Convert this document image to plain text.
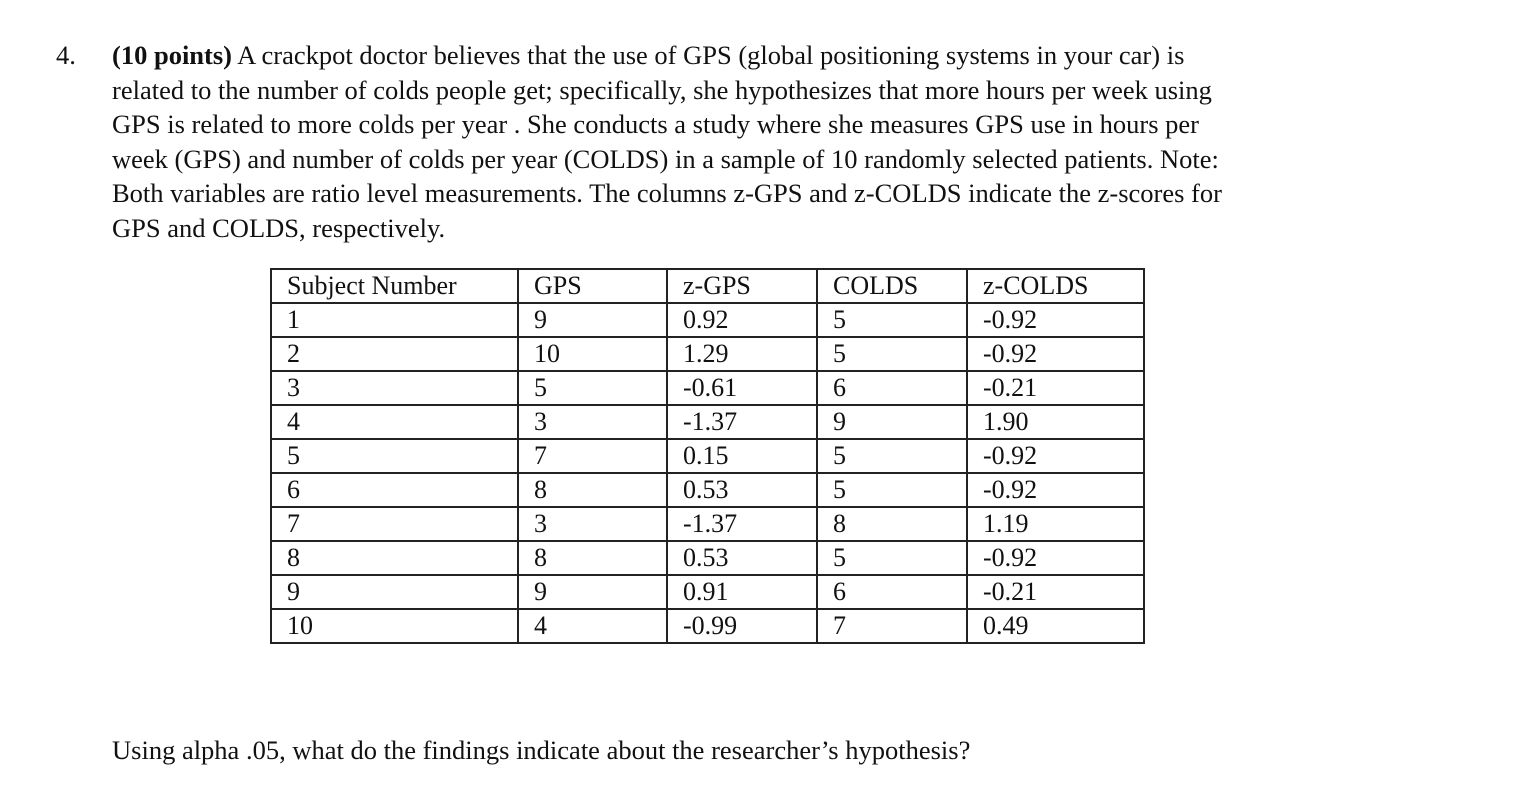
4.	(10 points) A crackpot doctor believes that the use of GPS (global positioning systems in your car) is
related to the number of colds people get; specifically, she hypothesizes that more hours per week using
GPS is related to more colds per year . She conducts a study where she measures GPS use in hours per
week (GPS) and number of colds per year (COLDS) in a sample of 10 randomly selected patients. Note:
Both variables are ratio level measurements. The columns z-GPS and z-COLDS indicate the z-scores for
GPS and COLDS, respectively.
Subject Number	GPS	z-GPS	COLDS	z-COLDS
1	9	0.92	5	-0.92
2	10	1.29	5	-0.92
3	5	-0.61	6	-0.21
4	3	-1.37	9	1.90
5	7	0.15	5	-0.92
6	8	0.53	5	-0.92
7	3	-1.37	8	1.19
8	8	0.53	5	-0.92
9	9	0.91	6	-0.21
10	4	-0.99	7	0.49
Using alpha .05, what do the findings indicate about the researcher’s hypothesis?
